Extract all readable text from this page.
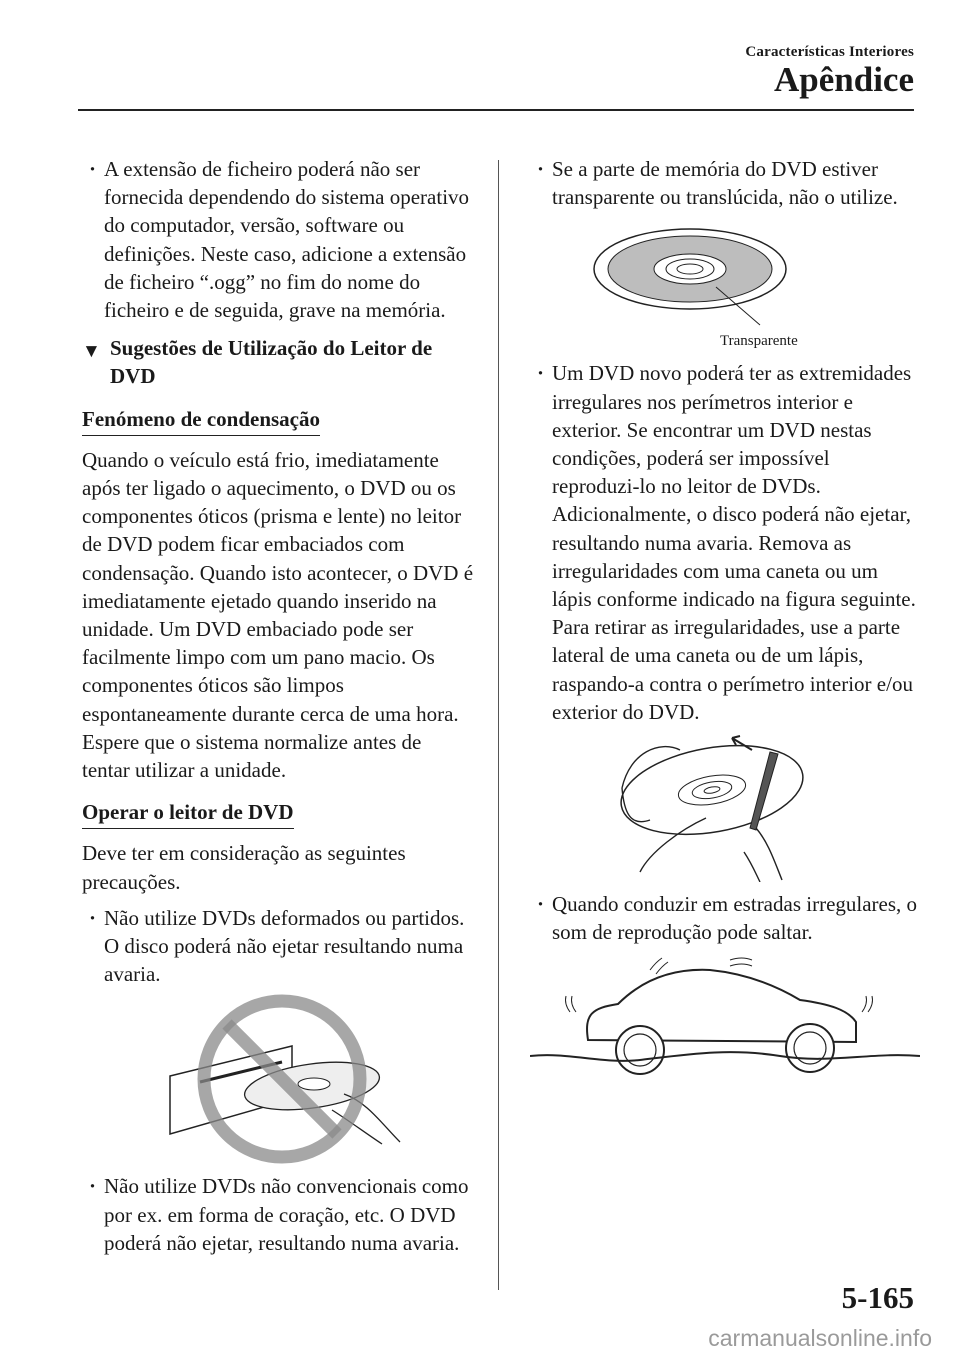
Características Interiores
Apêndice
· A extensão de ficheiro poderá não ser fornecida dependendo do sistema operativo do computador, versão, software ou definições. Neste caso, adicione a extensão de ficheiro “.ogg” no fim do nome do ficheiro e de seguida, grave na memória.
▼ Sugestões de Utilização do Leitor de DVD
Fenómeno de condensação

Quando o veículo está frio, imediatamente após ter ligado o aquecimento, o DVD ou os componentes óticos (prisma e lente) no leitor de DVD podem ficar embaciados com condensação. Quando isto acontecer, o DVD é imediatamente ejetado quando inserido na unidade. Um DVD embaciado pode ser facilmente limpo com um pano macio. Os componentes óticos são limpos espontaneamente durante cerca de uma hora. Espere que o sistema normalize antes de tentar utilizar a unidade.

Operar o leitor de DVD

Deve ter em consideração as seguintes precauções.

· Não utilize DVDs deformados ou partidos. O disco poderá não ejetar resultando numa avaria.
· Não utilize DVDs não convencionais como por ex. em forma de coração, etc. O DVD poderá não ejetar, resultando numa avaria.
· Se a parte de memória do DVD estiver transparente ou translúcida, não o utilize.
Transparente
· Um DVD novo poderá ter as extremidades irregulares nos perímetros interior e exterior. Se encontrar um DVD nestas condições, poderá ser impossível reproduzi-lo no leitor de DVDs. Adicionalmente, o disco poderá não ejetar, resultando numa avaria. Remova as irregularidades com uma caneta ou um lápis conforme indicado na figura seguinte. Para retirar as irregularidades, use a parte lateral de uma caneta ou de um lápis, raspando-a contra o perímetro interior e/ou exterior do DVD.
· Quando conduzir em estradas irregulares, o som de reprodução pode saltar.
5-165
carmanualsonline.info
